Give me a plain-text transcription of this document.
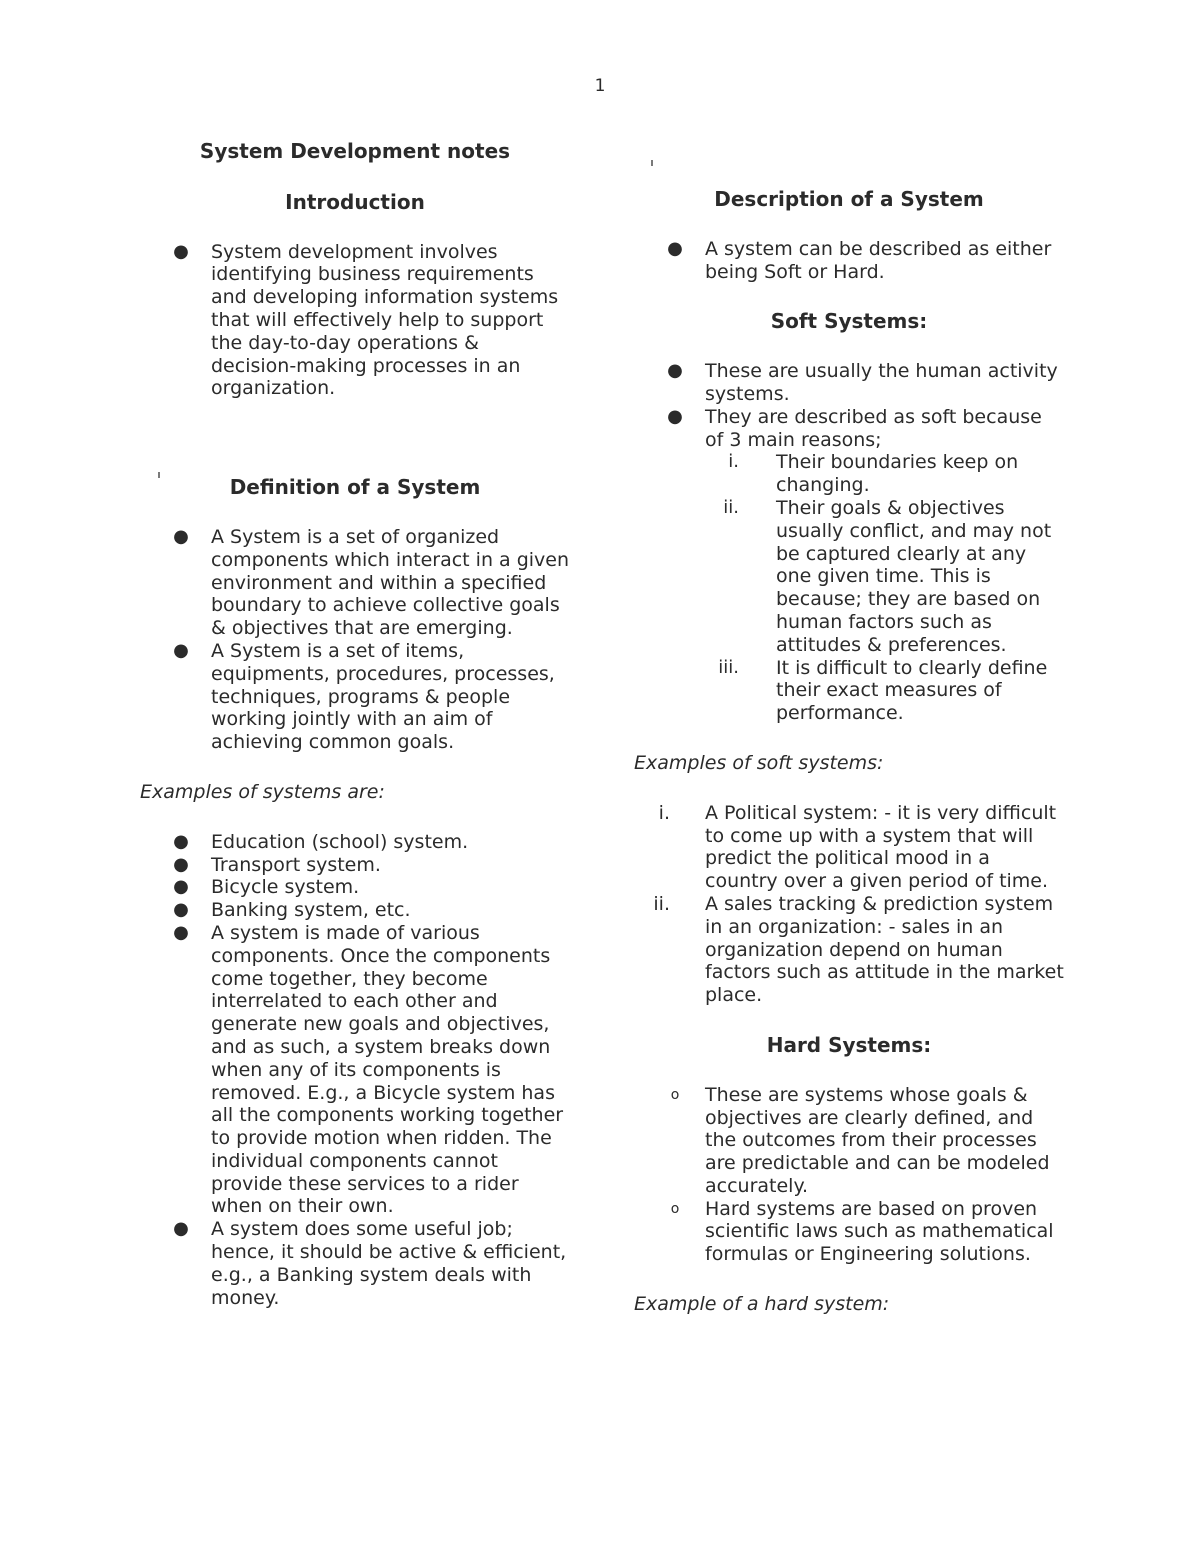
1

System Development notes

Introduction

● System development involves identifying business requirements and developing information systems that will effectively help to support the day-to-day operations & decision-making processes in an organization.

Definition of a System

● A System is a set of organized components which interact in a given environment and within a specified boundary to achieve collective goals & objectives that are emerging.
● A System is a set of items, equipments, procedures, processes, techniques, programs & people working jointly with an aim of achieving common goals.

Examples of systems are:

● Education (school) system.
● Transport system.
● Bicycle system.
● Banking system, etc.
● A system is made of various components. Once the components come together, they become interrelated to each other and generate new goals and objectives, and as such, a system breaks down when any of its components is removed. E.g., a Bicycle system has all the components working together to provide motion when ridden. The individual components cannot provide these services to a rider when on their own.
● A system does some useful job; hence, it should be active & efficient, e.g., a Banking system deals with money.

Description of a System

● A system can be described as either being Soft or Hard.

Soft Systems:

● These are usually the human activity systems.
● They are described as soft because of 3 main reasons;
i. Their boundaries keep on changing.
ii. Their goals & objectives usually conflict, and may not be captured clearly at any one given time. This is because; they are based on human factors such as attitudes & preferences.
iii. It is difficult to clearly define their exact measures of performance.

Examples of soft systems:

i. A Political system: - it is very difficult to come up with a system that will predict the political mood in a country over a given period of time.
ii. A sales tracking & prediction system in an organization: - sales in an organization depend on human factors such as attitude in the market place.

Hard Systems:

o	These are systems whose goals & objectives are clearly defined, and the outcomes from their processes are predictable and can be modeled accurately.
o	Hard systems are based on proven scientific laws such as mathematical formulas or Engineering solutions.

Example of a hard system:
